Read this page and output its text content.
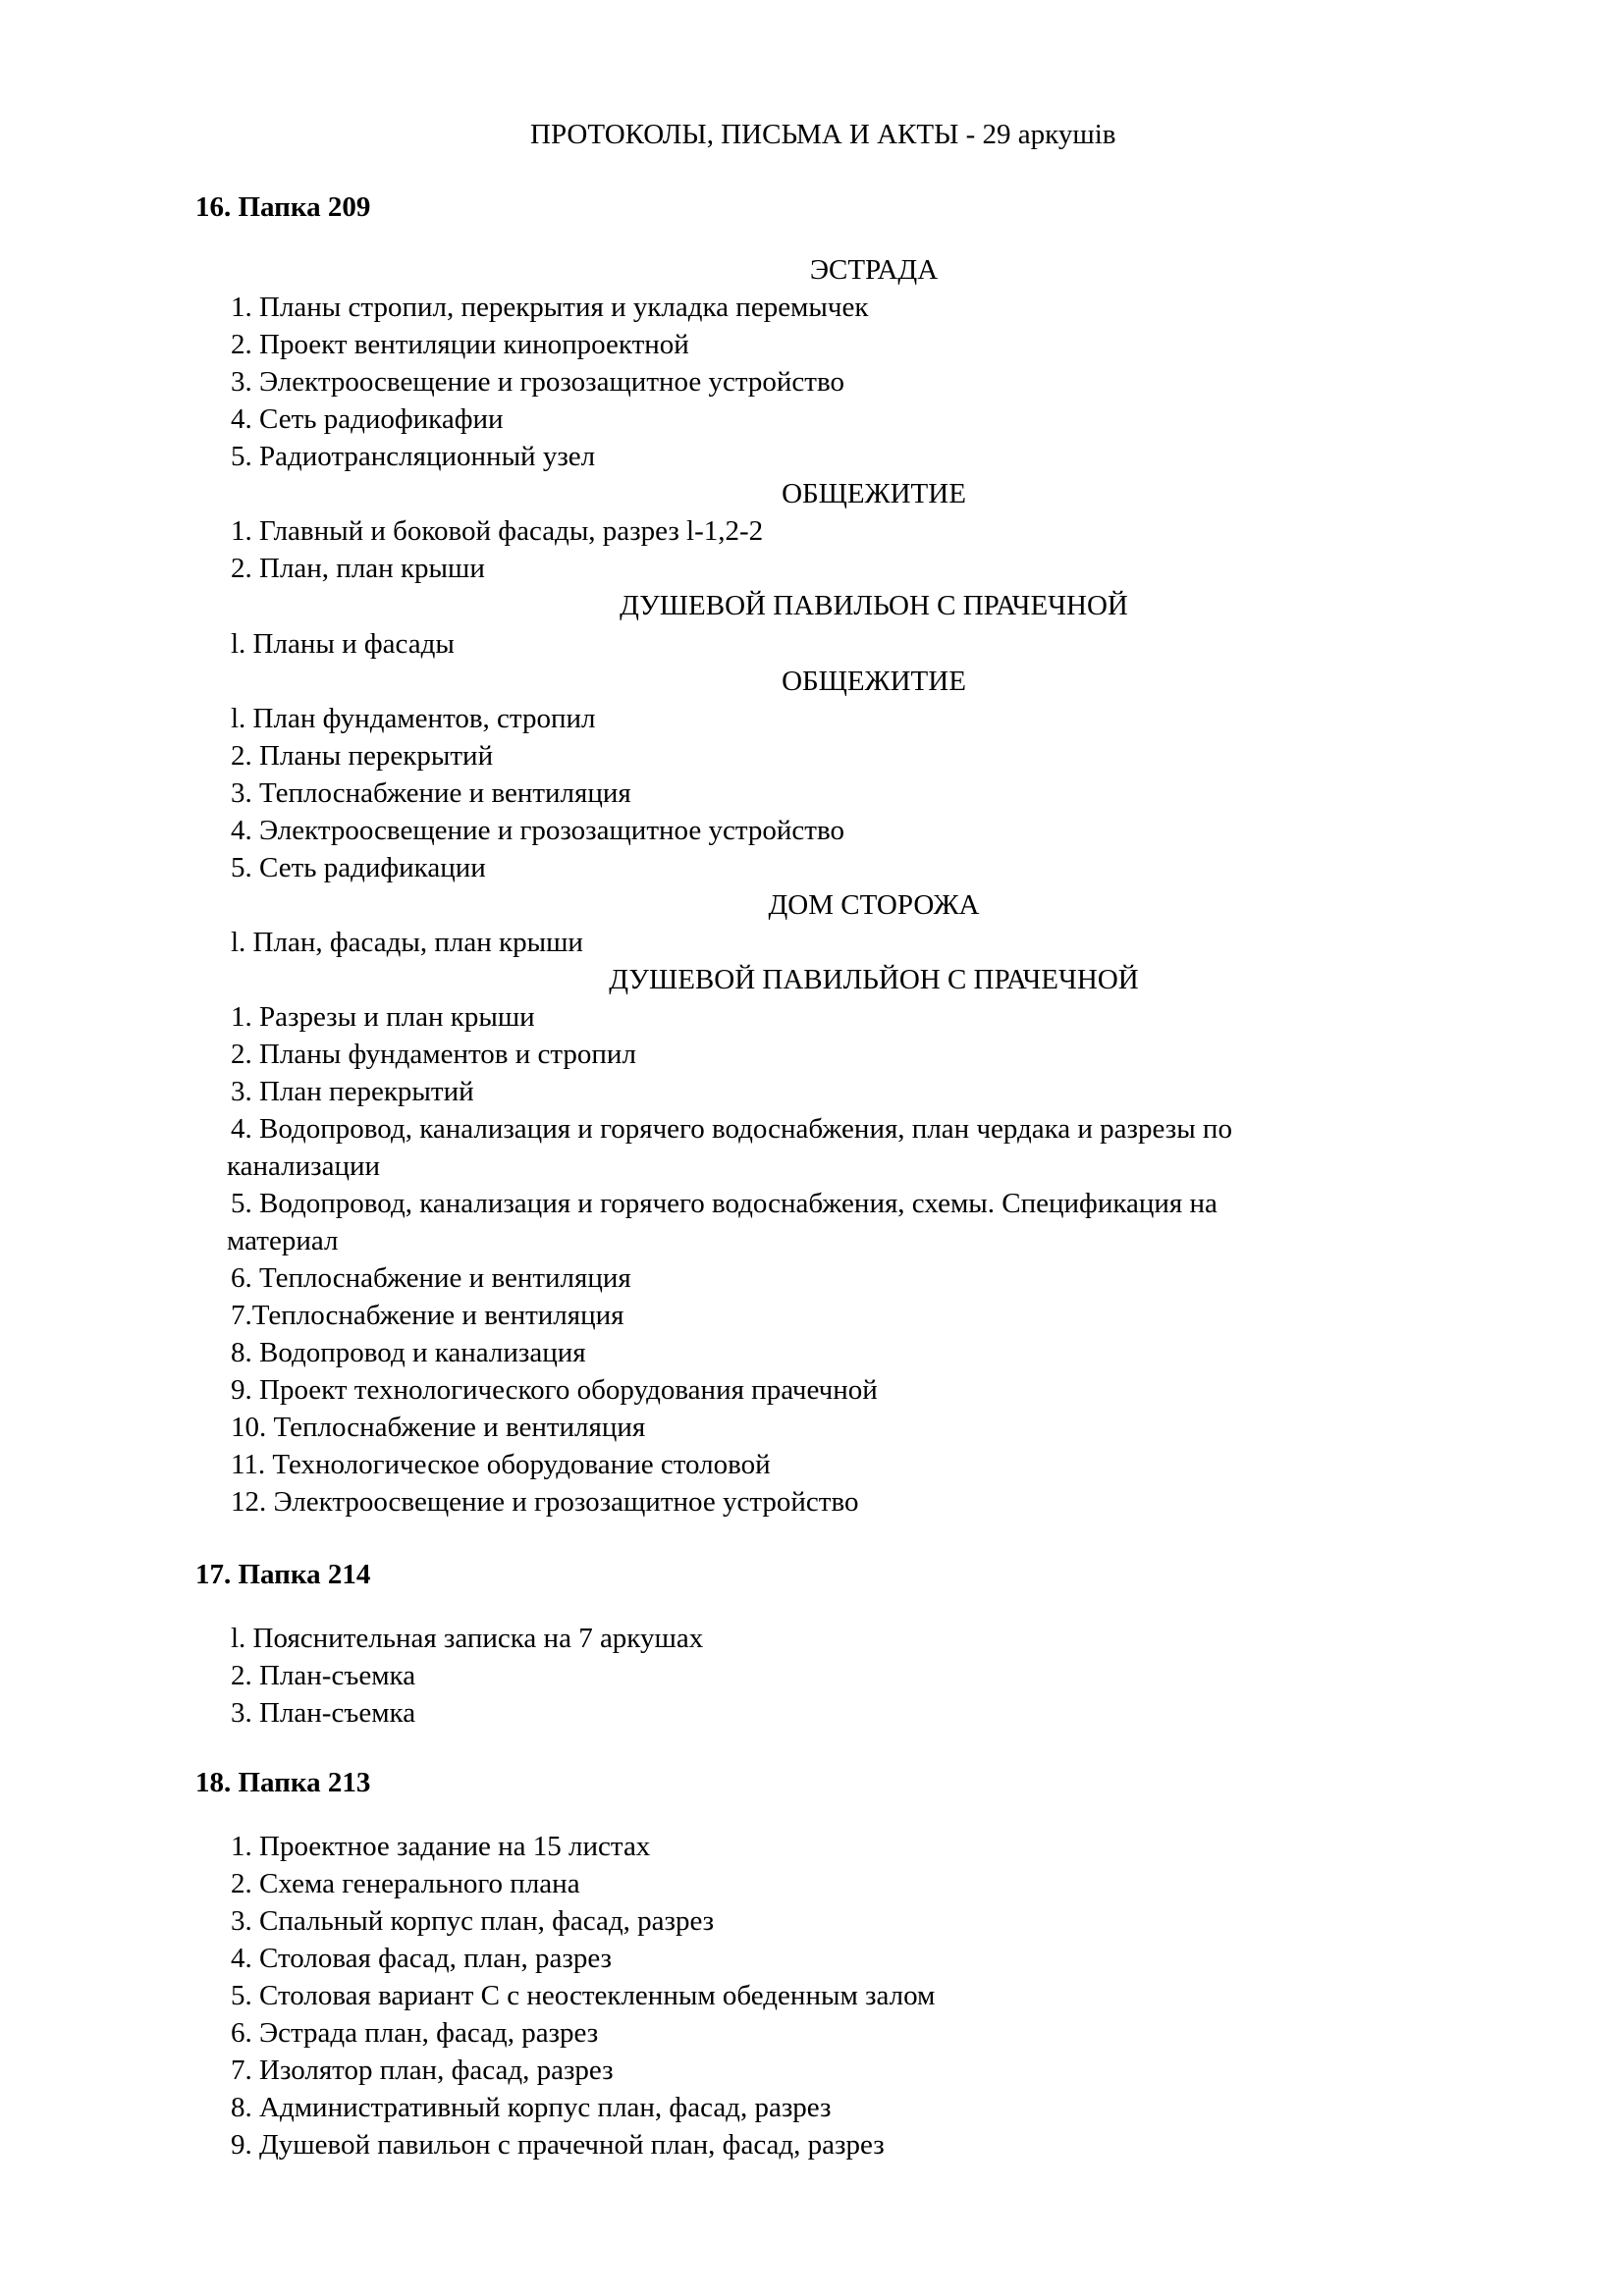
ПРОТОКОЛЫ, ПИСЬМА И АКТЫ - 29 аркушів
16. Папка 209
ЭСТРАДА
1. Планы стропил, перекрытия и укладка перемычек
2. Проект вентиляции кинопроектной
3. Электроосвещение и грозозащитное устройство
4. Сеть радиофикафии
5. Радиотрансляционный узел
ОБЩЕЖИТИЕ
1. Главный и боковой фасады, разрез l-1,2-2
2. План, план крыши
ДУШЕВОЙ ПАВИЛЬОН С ПРАЧЕЧНОЙ
l. Планы и фасады
ОБЩЕЖИТИЕ
l. План фундаментов, стропил
2. Планы перекрытий
3. Теплоснабжение и вентиляция
4. Электроосвещение и грозозащитное устройство
5. Сеть радификации
ДОМ СТОРОЖА
l. План, фасады, план крыши
ДУШЕВОЙ ПАВИЛЬЙОН С ПРАЧЕЧНОЙ
1. Разрезы и план крыши
2. Планы фундаментов и стропил
3. План перекрытий
4. Водопровод, канализация и горячего водоснабжения, план чердака и разрезы по
канализации
5. Водопровод, канализация и горячего водоснабжения, схемы. Спецификация на
материал
6. Теплоснабжение и вентиляция
7.Теплоснабжение и вентиляция
8. Водопровод и канализация
9. Проект технологического оборудования прачечной
10. Теплоснабжение и вентиляция
11. Технологическое оборудование столовой
12. Электроосвещение и грозозащитное устройство
17. Папка 214
l. Пояснительная записка на 7 аркушах
2. План-съемка
3. План-съемка
18. Папка 213
1. Проектное задание на 15 листах
2. Схема генерального плана
3. Спальный корпус план, фасад, разрез
4. Столовая фасад, план, разрез
5. Столовая вариант С с неостекленным обеденным залом
6. Эстрада план, фасад, разрез
7. Изолятор план, фасад, разрез
8. Административный корпус план, фасад, разрез
9. Душевой павильон с прачечной план, фасад, разрез
